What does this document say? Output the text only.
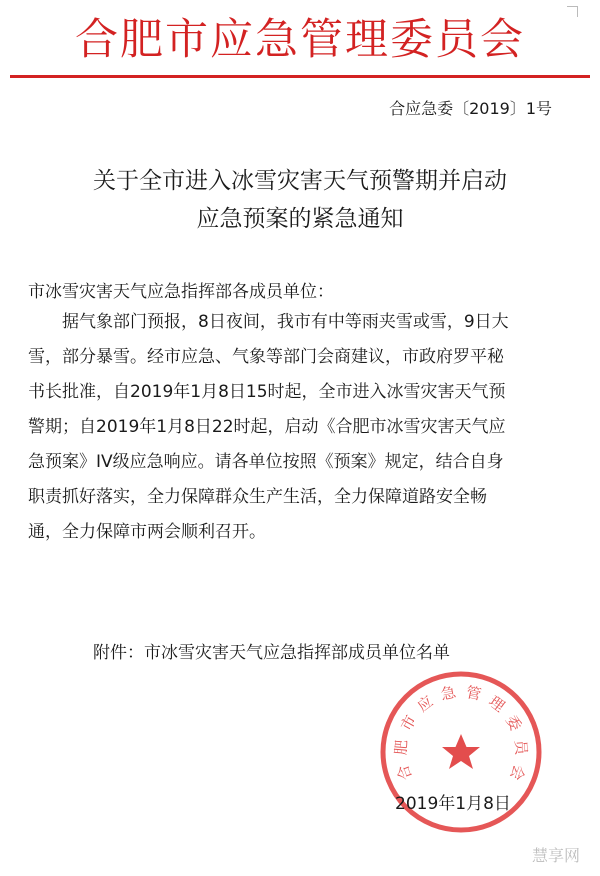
合肥市应急管理委员会
合应急委〔2019〕1号
关于全市进入冰雪灾害天气预警期并启动
应急预案的紧急通知
市冰雪灾害天气应急指挥部各成员单位：
　　据气象部门预报，8日夜间，我市有中等雨夹雪或雪，9日大
雪，部分暴雪。经市应急、气象等部门会商建议，市政府罗平秘
书长批准，自2019年1月8日15时起，全市进入冰雪灾害天气预
警期；自2019年1月8日22时起，启动《合肥市冰雪灾害天气应
急预案》IV级应急响应。请各单位按照《预案》规定，结合自身
职责抓好落实，全力保障群众生产生活，全力保障道路安全畅
通，全力保障市两会顺利召开。
附件：市冰雪灾害天气应急指挥部成员单位名单
合
肥
市
应 急 管 理
委
员
会
2019年1月8日
慧享网
